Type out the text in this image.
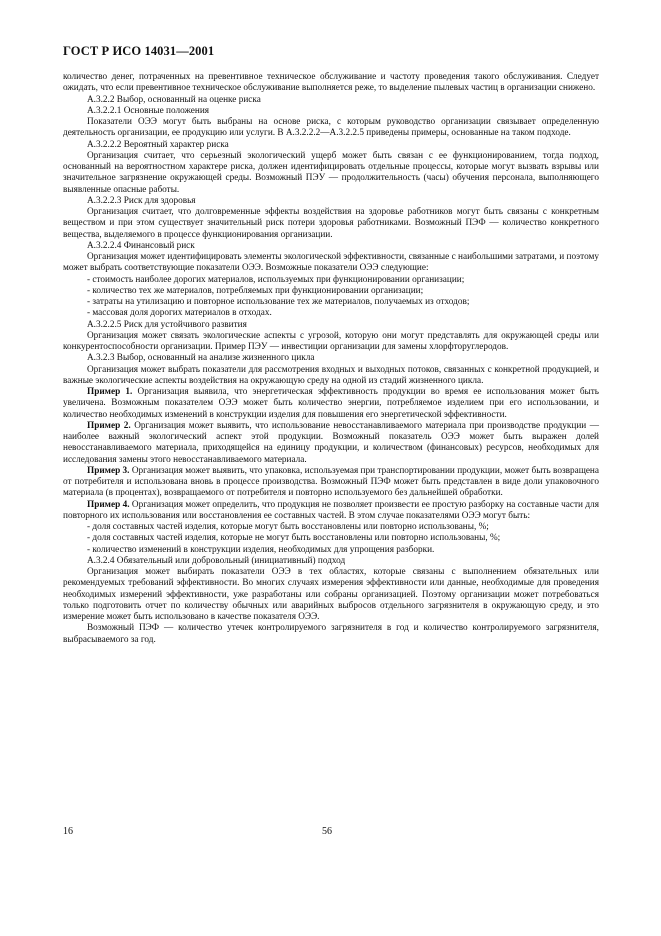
ГОСТ Р ИСО 14031—2001

количество денег, потраченных на превентивное техническое обслуживание и частоту проведения такого обслуживания. Следует ожидать, что если превентивное техническое обслуживание выполняется реже, то выделение пылевых частиц в организации снижено.

А.3.2.2 Выбор, основанный на оценке риска

А.3.2.2.1 Основные положения

Показатели ОЭЭ могут быть выбраны на основе риска, с которым руководство организации связывает определенную деятельность организации, ее продукцию или услуги. В А.3.2.2.2—А.3.2.2.5 приведены примеры, основанные на таком подходе.

А.3.2.2.2 Вероятный характер риска

Организация считает, что серьезный экологический ущерб может быть связан с ее функционированием, тогда подход, основанный на вероятностном характере риска, должен идентифицировать отдельные процессы, которые могут вызвать взрывы или значительное загрязнение окружающей среды. Возможный ПЭУ — продолжительность (часы) обучения персонала, выполняющего выявленные опасные работы.

А.3.2.2.3 Риск для здоровья

Организация считает, что долговременные эффекты воздействия на здоровье работников могут быть связаны с конкретным веществом и при этом существует значительный риск потери здоровья работниками. Возможный ПЭФ — количество конкретного вещества, выделяемого в процессе функционирования организации.

А.3.2.2.4 Финансовый риск

Организация может идентифицировать элементы экологической эффективности, связанные с наибольшими затратами, и поэтому может выбрать соответствующие показатели ОЭЭ. Возможные показатели ОЭЭ следующие:

- стоимость наиболее дорогих материалов, используемых при функционировании организации;

- количество тех же материалов, потребляемых при функционировании организации;

- затраты на утилизацию и повторное использование тех же материалов, получаемых из отходов;

- массовая доля дорогих материалов в отходах.

А.3.2.2.5 Риск для устойчивого развития

Организация может связать экологические аспекты с угрозой, которую они могут представлять для окружающей среды или конкурентоспособности организации. Пример ПЭУ — инвестиции организации для замены хлорфторуглеродов.

А.3.2.3 Выбор, основанный на анализе жизненного цикла

Организация может выбрать показатели для рассмотрения входных и выходных потоков, связанных с конкретной продукцией, и важные экологические аспекты воздействия на окружающую среду на одной из стадий жизненного цикла.

Пример 1. Организация выявила, что энергетическая эффективность продукции во время ее использования может быть увеличена. Возможным показателем ОЭЭ может быть количество энергии, потребляемое изделием при его использовании, и количество необходимых изменений в конструкции изделия для повышения его энергетической эффективности.

Пример 2. Организация может выявить, что использование невосстанавливаемого материала при производстве продукции — наиболее важный экологический аспект этой продукции. Возможный показатель ОЭЭ может быть выражен долей невосстанавливаемого материала, приходящейся на единицу продукции, и количеством (финансовых) ресурсов, необходимых для исследования замены этого невосстанавливаемого материала.

Пример 3. Организация может выявить, что упаковка, используемая при транспортировании продукции, может быть возвращена от потребителя и использована вновь в процессе производства. Возможный ПЭФ может быть представлен в виде доли упаковочного материала (в процентах), возвращаемого от потребителя и повторно используемого без дальнейшей обработки.

Пример 4. Организация может определить, что продукция не позволяет произвести ее простую разборку на составные части для повторного их использования или восстановления ее составных частей. В этом случае показателями ОЭЭ могут быть:

- доля составных частей изделия, которые могут быть восстановлены или повторно использованы, %;

- доля составных частей изделия, которые не могут быть восстановлены или повторно использованы, %;

- количество изменений в конструкции изделия, необходимых для упрощения разборки.

А.3.2.4 Обязательный или добровольный (инициативный) подход

Организация может выбирать показатели ОЭЭ в тех областях, которые связаны с выполнением обязательных или рекомендуемых требований эффективности. Во многих случаях измерения эффективности или данные, необходимые для проведения необходимых измерений эффективности, уже разработаны или собраны организацией. Поэтому организации может потребоваться только подготовить отчет по количеству обычных или аварийных выбросов отдельного загрязнителя в окружающую среду, и это измерение может быть использовано в качестве показателя ОЭЭ.

Возможный ПЭФ — количество утечек контролируемого загрязнителя в год и количество контролируемого загрязнителя, выбрасываемого за год.

16	56
